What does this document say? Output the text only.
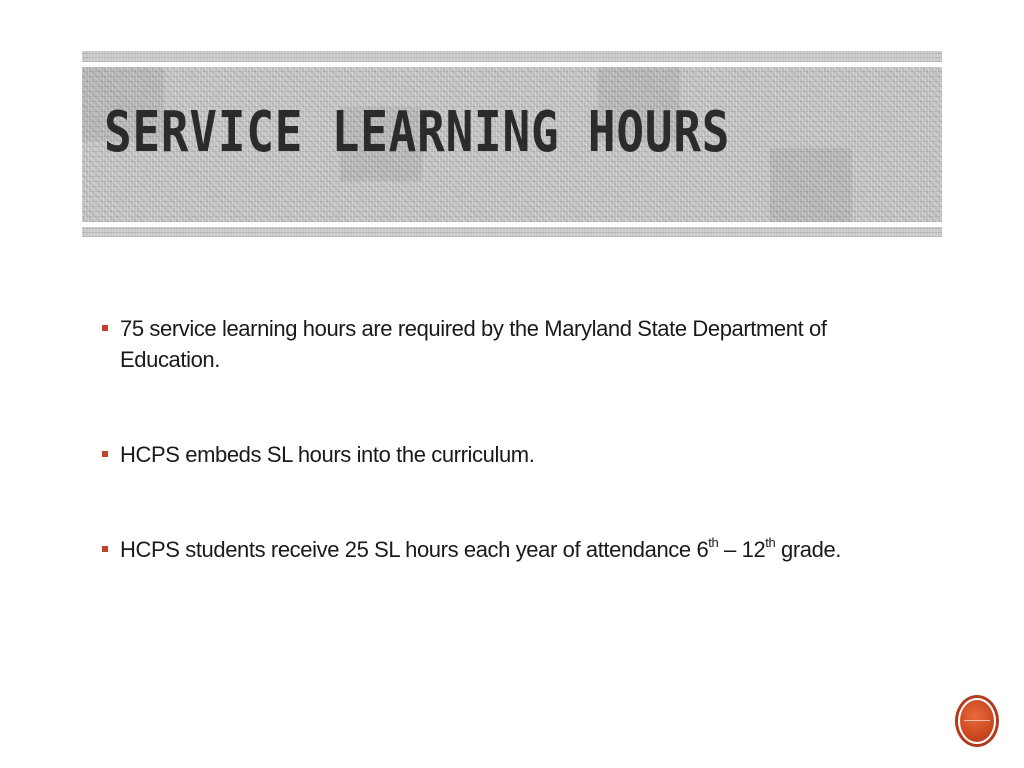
SERVICE LEARNING HOURS
75 service learning hours are required by the Maryland State Department of Education.
HCPS embeds SL hours into the curriculum.
HCPS students receive 25 SL hours each year of attendance 6th – 12th grade.
